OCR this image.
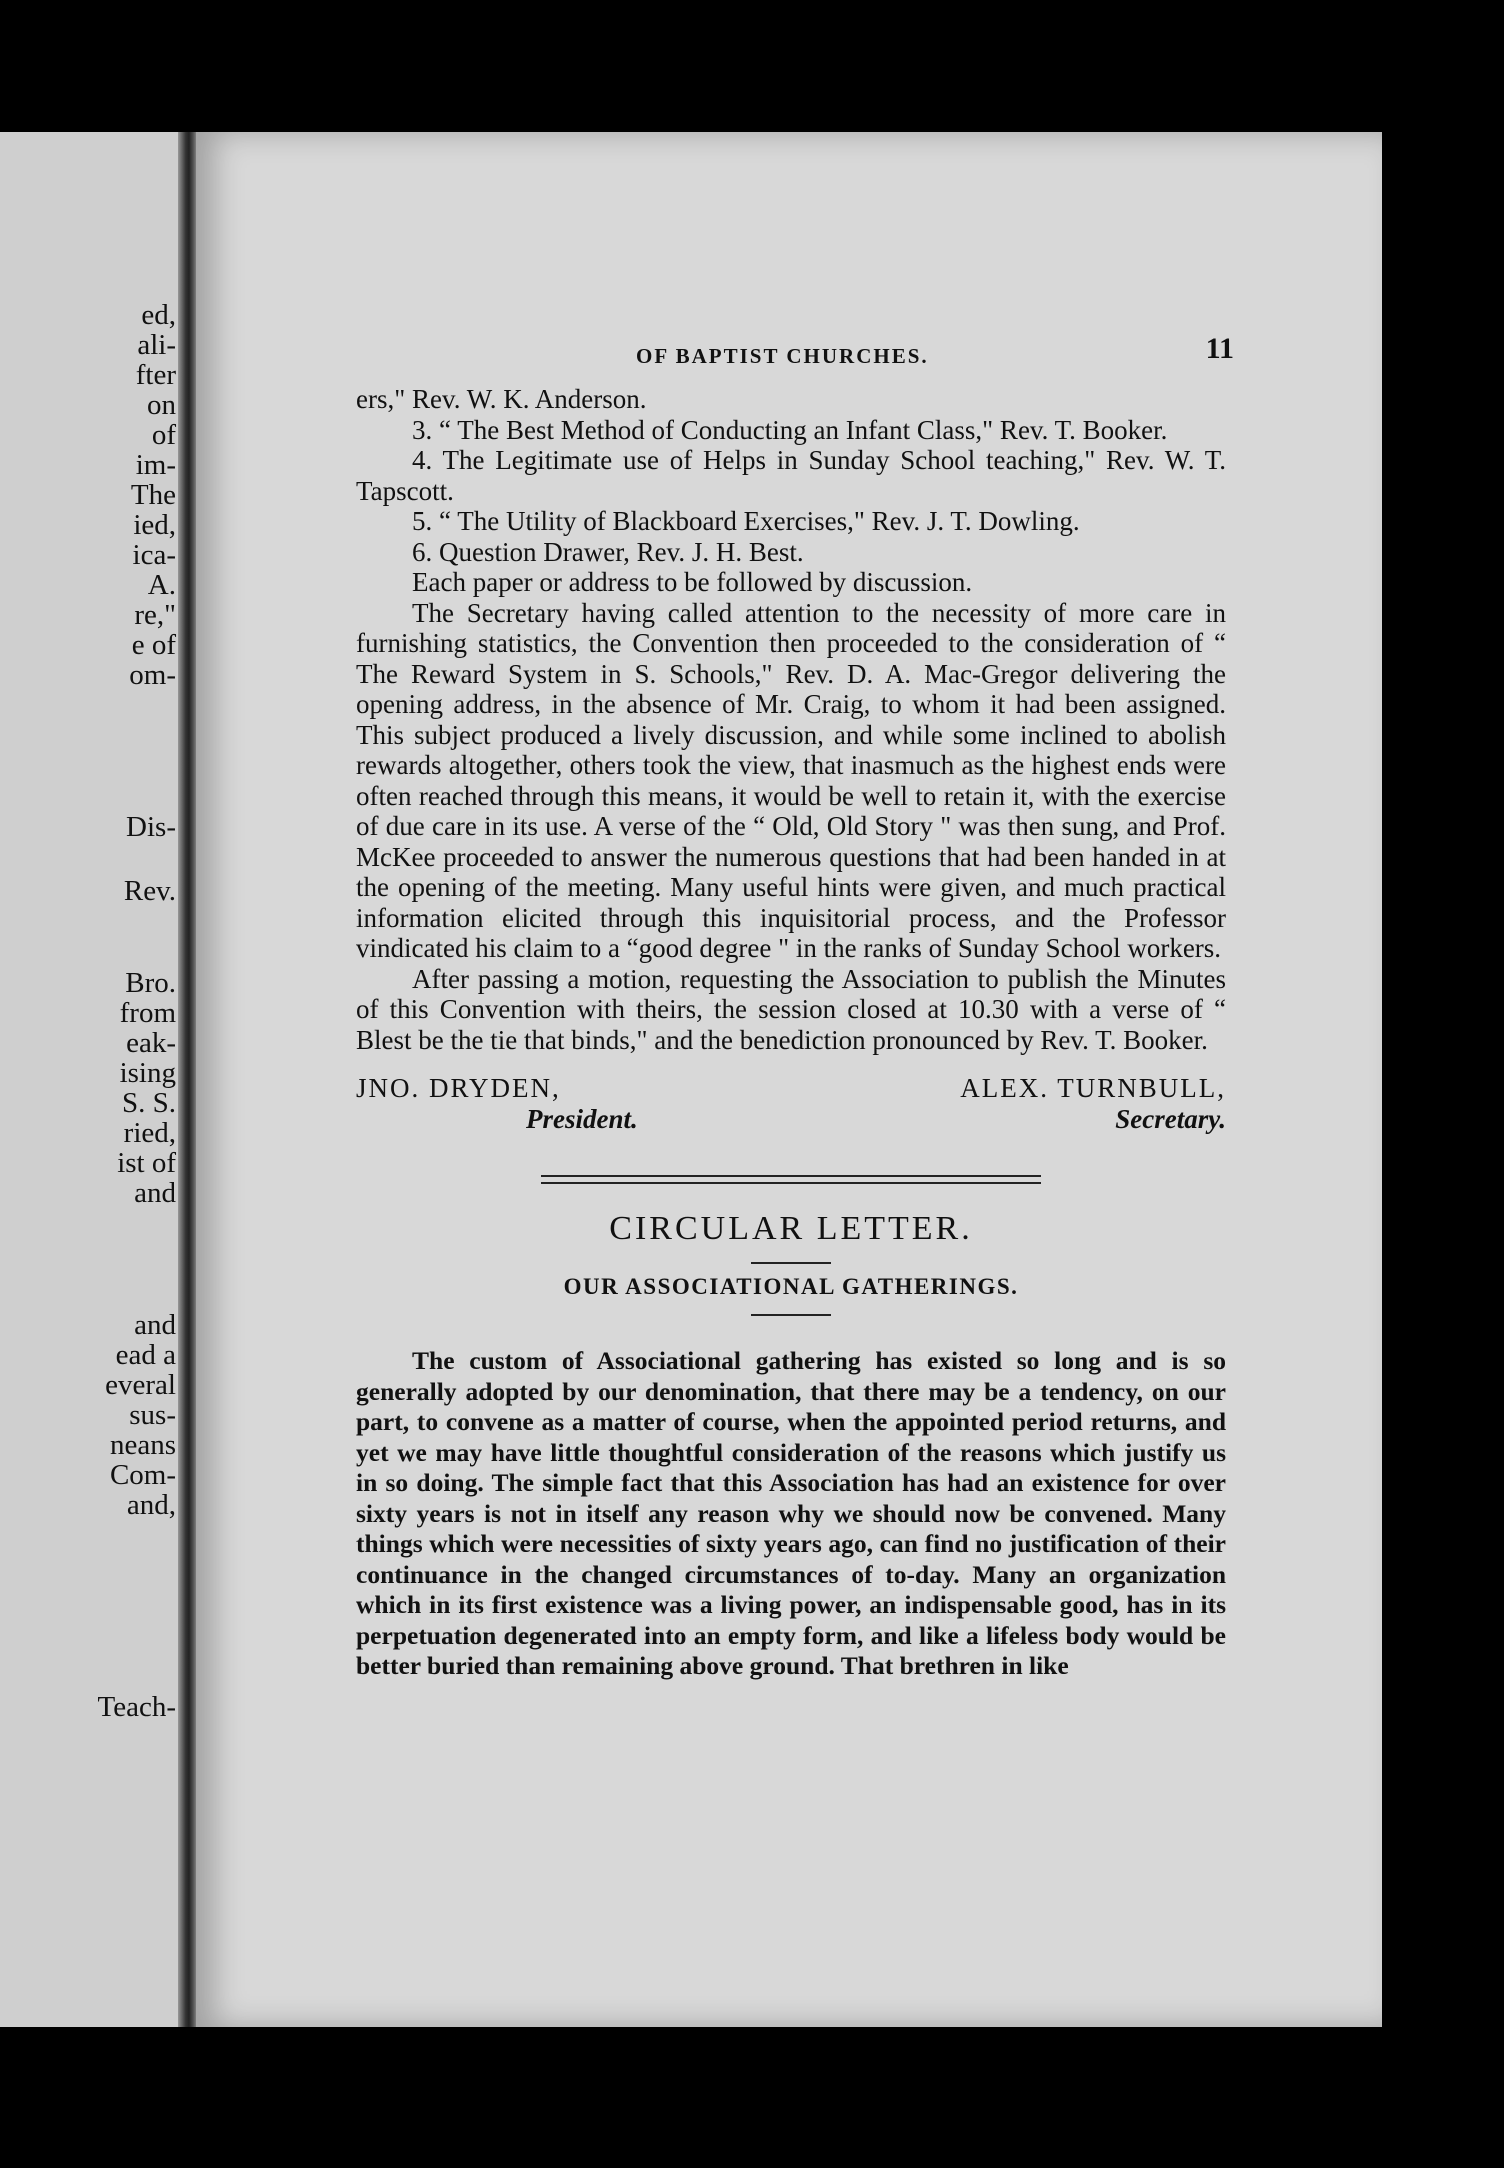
ed,
ali-
fter
on
of
im-
The
ied,
ica-
A.
re,"
e of
om-
Dis-
Rev.
Bro.
from
eak-
ising
S. S.
ried,
ist of
and
and
ead a
everal
sus-
neans
Com-
and,
Teach-
OF BAPTIST CHURCHES.	11

ers," Rev. W. K. Anderson.

3. “ The Best Method of Conducting an Infant Class," Rev. T. Booker.

4. The Legitimate use of Helps in Sunday School teaching," Rev. W. T. Tapscott.

5. “ The Utility of Blackboard Exercises," Rev. J. T. Dowling.

6. Question Drawer, Rev. J. H. Best.

Each paper or address to be followed by discussion.

The Secretary having called attention to the necessity of more care in furnishing statistics, the Convention then proceeded to the consideration of “ The Reward System in S. Schools," Rev. D. A. Mac-Gregor delivering the opening address, in the absence of Mr. Craig, to whom it had been assigned. This subject produced a lively discussion, and while some inclined to abolish rewards altogether, others took the view, that inasmuch as the highest ends were often reached through this means, it would be well to retain it, with the exercise of due care in its use. A verse of the “ Old, Old Story " was then sung, and Prof. McKee proceeded to answer the numerous questions that had been handed in at the opening of the meeting. Many useful hints were given, and much practical information elicited through this inquisitorial process, and the Professor vindicated his claim to a “good degree " in the ranks of Sunday School workers.

After passing a motion, requesting the Association to publish the Minutes of this Convention with theirs, the session closed at 10.30 with a verse of “ Blest be the tie that binds," and the benediction pronounced by Rev. T. Booker.

JNO. DRYDEN,
President.
ALEX. TURNBULL,
Secretary.
CIRCULAR LETTER.
OUR ASSOCIATIONAL GATHERINGS.

The custom of Associational gathering has existed so long and is so generally adopted by our denomination, that there may be a tendency, on our part, to convene as a matter of course, when the appointed period returns, and yet we may have little thoughtful consideration of the reasons which justify us in so doing. The simple fact that this Association has had an existence for over sixty years is not in itself any reason why we should now be convened. Many things which were necessities of sixty years ago, can find no justification of their continuance in the changed circumstances of to-day. Many an organization which in its first existence was a living power, an indispensable good, has in its perpetuation degenerated into an empty form, and like a lifeless body would be better buried than remaining above ground. That brethren in like
